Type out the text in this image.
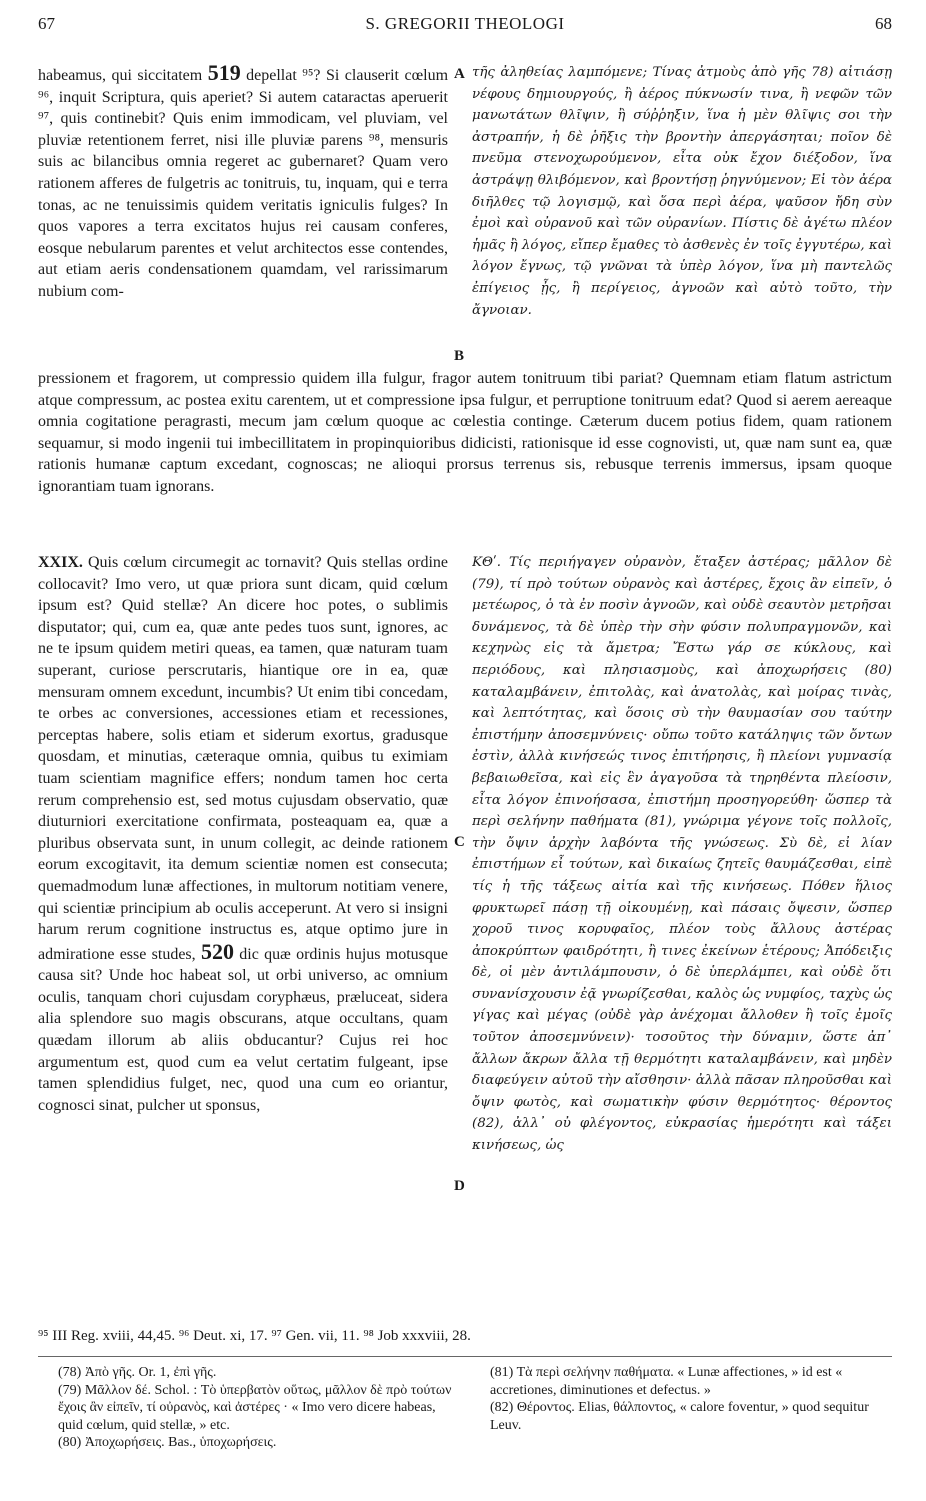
67	S. GREGORII THEOLOGI	68

habeamus, qui siccitatem 519 depellat ⁹⁵? Si clauserit cœlum ⁹⁶, inquit Scriptura, quis aperiet? Si autem cataractas aperuerit ⁹⁷, quis continebit? Quis enim immodicam, vel pluviam, vel pluviæ retentionem ferret, nisi ille pluviæ parens ⁹⁸, mensuris suis ac bilancibus omnia regeret ac gubernaret? Quam vero rationem afferes de fulgetris ac tonitruis, tu, inquam, qui e terra tonas, ac ne tenuissimis quidem veritatis igniculis fulges? In quos vapores a terra excitatos hujus rei causam conferes, eosque nebularum parentes et velut architectos esse contendes, aut etiam aeris condensationem quamdam, vel rarissimarum nubium com-

A
B

τῆς ἀληθείας λαμπόμενε; Τίνας ἀτμοὺς ἀπὸ γῆς 78) αἰτιάσῃ νέφους δημιουργούς, ἢ ἀέρος πύκνωσίν τινα, ἢ νεφῶν τῶν μανωτάτων θλῖψιν, ἢ σύῤῥηξιν, ἵνα ἡ μὲν θλῖψις σοι τὴν ἀστραπήν, ἡ δὲ ῥῆξις τὴν βροντὴν ἀπεργάσηται; ποῖον δὲ πνεῦμα στενοχωρούμενον, εἶτα οὐκ ἔχον διέξοδον, ἵνα ἀστράψῃ θλιβόμενον, καὶ βροντήσῃ ῥηγνύμενον; Εἰ τὸν ἀέρα διῆλθες τῷ λογισμῷ, καὶ ὅσα περὶ ἀέρα, ψαῦσον ἤδη σὺν ἐμοὶ καὶ οὐρανοῦ καὶ τῶν οὐρανίων. Πίστις δὲ ἀγέτω πλέον ἡμᾶς ἢ λόγος, εἴπερ ἔμαθες τὸ ἀσθενὲς ἐν τοῖς ἐγγυτέρω, καὶ λόγον ἔγνως, τῷ γνῶναι τὰ ὑπὲρ λόγον, ἵνα μὴ παντελῶς ἐπίγειος ᾖς, ἢ περίγειος, ἀγνοῶν καὶ αὐτὸ τοῦτο, τὴν ἄγνοιαν.

pressionem et fragorem, ut compressio quidem illa fulgur, fragor autem tonitruum tibi pariat? Quemnam etiam flatum astrictum atque compressum, ac postea exitu carentem, ut et compressione ipsa fulgur, et perruptione tonitruum edat? Quod si aerem aereaque omnia cogitatione peragrasti, mecum jam cœlum quoque ac cœlestia continge. Cæterum ducem potius fidem, quam rationem sequamur, si modo ingenii tui imbecillitatem in propinquioribus didicisti, rationisque id esse cognovisti, ut, quæ nam sunt ea, quæ rationis humanæ captum excedant, cognoscas; ne alioqui prorsus terrenus sis, rebusque terrenis immersus, ipsam quoque ignorantiam tuam ignorans.

XXIX. Quis cœlum circumegit ac tornavit? Quis stellas ordine collocavit? Imo vero, ut quæ priora sunt dicam, quid cœlum ipsum est? Quid stellæ? An dicere hoc potes, o sublimis disputator; qui, cum ea, quæ ante pedes tuos sunt, ignores, ac ne te ipsum quidem metiri queas, ea tamen, quæ naturam tuam superant, curiose perscrutaris, hiantique ore in ea, quæ mensuram omnem excedunt, incumbis? Ut enim tibi concedam, te orbes ac conversiones, accessiones etiam et recessiones, perceptas habere, solis etiam et siderum exortus, gradusque quosdam, et minutias, cæteraque omnia, quibus tu eximiam tuam scientiam magnifice effers; nondum tamen hoc certa rerum comprehensio est, sed motus cujusdam observatio, quæ diuturniori exercitatione confirmata, posteaquam ea, quæ a pluribus observata sunt, in unum collegit, ac deinde rationem eorum excogitavit, ita demum scientiæ nomen est consecuta; quemadmodum lunæ affectiones, in multorum notitiam venere, qui scientiæ principium ab oculis acceperunt. At vero si insigni harum rerum cognitione instructus es, atque optimo jure in admiratione esse studes, 520 dic quæ ordinis hujus motusque causa sit? Unde hoc habeat sol, ut orbi universo, ac omnium oculis, tanquam chori cujusdam coryphæus, præluceat, sidera alia splendore suo magis obscurans, atque occultans, quam quædam illorum ab aliis obducantur? Cujus rei hoc argumentum est, quod cum ea velut certatim fulgeant, ipse tamen splendidius fulget, nec, quod una cum eo oriantur, cognosci sinat, pulcher ut sponsus,

C
D

ΚΘʹ. Τίς περιήγαγεν οὐρανὸν, ἔταξεν ἀστέρας; μᾶλλον δὲ (79), τί πρὸ τούτων οὐρανὸς καὶ ἀστέρες, ἔχοις ἂν εἰπεῖν, ὁ μετέωρος, ὁ τὰ ἐν ποσὶν ἀγνοῶν, καὶ οὐδὲ σεαυτὸν μετρῆσαι δυνάμενος, τὰ δὲ ὑπὲρ τὴν σὴν φύσιν πολυπραγμονῶν, καὶ κεχηνὼς εἰς τὰ ἄμετρα; Ἔστω γάρ σε κύκλους, καὶ περιόδους, καὶ πλησιασμοὺς, καὶ ἀποχωρήσεις (80) καταλαμβάνειν, ἐπιτολὰς, καὶ ἀνατολὰς, καὶ μοίρας τινὰς, καὶ λεπτότητας, καὶ ὅσοις σὺ τὴν θαυμασίαν σου ταύτην ἐπιστήμην ἀποσεμνύνεις· οὔπω τοῦτο κατάληψις τῶν ὄντων ἐστὶν, ἀλλὰ κινήσεώς τινος ἐπιτήρησις, ἢ πλείονι γυμνασίᾳ βεβαιωθεῖσα, καὶ εἰς ἓν ἀγαγοῦσα τὰ τηρηθέντα πλείοσιν, εἶτα λόγον ἐπινοήσασα, ἐπιστήμη προσηγορεύθη· ὥσπερ τὰ περὶ σελήνην παθήματα (81), γνώριμα γέγονε τοῖς πολλοῖς, τὴν ὄψιν ἀρχὴν λαβόντα τῆς γνώσεως. Σὺ δὲ, εἰ λίαν ἐπιστήμων εἶ τούτων, καὶ δικαίως ζητεῖς θαυμάζεσθαι, εἰπὲ τίς ἡ τῆς τάξεως αἰτία καὶ τῆς κινήσεως. Πόθεν ἥλιος φρυκτωρεῖ πάσῃ τῇ οἰκουμένῃ, καὶ πάσαις ὄψεσιν, ὥσπερ χοροῦ τινος κορυφαῖος, πλέον τοὺς ἄλλους ἀστέρας ἀποκρύπτων φαιδρότητι, ἢ τινες ἐκείνων ἑτέρους; Ἀπόδειξις δὲ, οἱ μὲν ἀντιλάμπουσιν, ὁ δὲ ὑπερλάμπει, καὶ οὐδὲ ὅτι συνανίσχουσιν ἐᾷ γνωρίζεσθαι, καλὸς ὡς νυμφίος, ταχὺς ὡς γίγας καὶ μέγας (οὐδὲ γὰρ ἀνέχομαι ἄλλοθεν ἢ τοῖς ἐμοῖς τοῦτον ἀποσεμνύνειν)· τοσοῦτος τὴν δύναμιν, ὥστε ἀπ᾽ ἄλλων ἄκρων ἄλλα τῇ θερμότητι καταλαμβάνειν, καὶ μηδὲν διαφεύγειν αὐτοῦ τὴν αἴσθησιν· ἀλλὰ πᾶσαν πληροῦσθαι καὶ ὄψιν φωτὸς, καὶ σωματικὴν φύσιν θερμότητος· θέροντος (82), ἀλλ᾽ οὐ φλέγοντος, εὐκρασίας ἡμερότητι καὶ τάξει κινήσεως, ὡς

⁹⁵ III Reg. xviii, 44,45. ⁹⁶ Deut. xi, 17. ⁹⁷ Gen. vii, 11. ⁹⁸ Job xxxviii, 28.

(78) Ἀπὸ γῆς. Or. 1, ἐπὶ γῆς.

(79) Μᾶλλον δέ. Schol. : Τὸ ὑπερβατὸν οὕτως, μᾶλλον δὲ πρὸ τούτων ἔχοις ἂν εἰπεῖν, τί οὐρανὸς, καὶ ἀστέρες · « Imo vero dicere habeas, quid cœlum, quid stellæ, » etc.

(80) Ἀποχωρήσεις. Bas., ὑποχωρήσεις.

(81) Τὰ περὶ σελήνην παθήματα. « Lunæ affectiones, » id est « accretiones, diminutiones et defectus. »

(82) Θέροντος. Elias, θάλποντος, « calore foventur, » quod sequitur Leuv.
